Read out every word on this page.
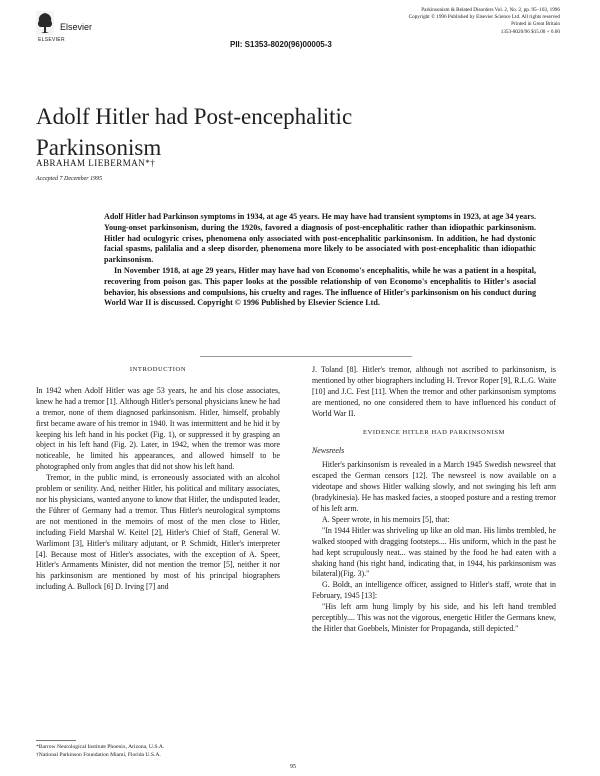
Elsevier
ELSEVIER
Parkinsonism & Related Disorders Vol. 2, No. 2, pp. 95–103, 1996
Copyright © 1996 Published by Elsevier Science Ltd. All rights reserved
Printed in Great Britain
1353-8020/96 $15.00 + 0.00
PII: S1353-8020(96)00005-3
Adolf Hitler had Post-encephalitic Parkinsonism
ABRAHAM LIEBERMAN*†
Accepted 7 December 1995

Adolf Hitler had Parkinson symptoms in 1934, at age 45 years. He may have had transient symptoms in 1923, at age 34 years. Young-onset parkinsonism, during the 1920s, favored a diagnosis of post-encephalitic rather than idiopathic parkinsonism. Hitler had oculogyric crises, phenomena only associated with post-encephalitic parkinsonism. In addition, he had dystonic facial spasms, palilalia and a sleep disorder, phenomena more likely to be associated with post-encephalitic than idiopathic parkinsonism.

In November 1918, at age 29 years, Hitler may have had von Economo's encephalitis, while he was a patient in a hospital, recovering from poison gas. This paper looks at the possible relationship of von Economo's encephalitis to Hitler's asocial behavior, his obsessions and compulsions, his cruelty and rages. The influence of Hitler's parkinsonism on his conduct during World War II is discussed. Copyright © 1996 Published by Elsevier Science Ltd.

INTRODUCTION

In 1942 when Adolf Hitler was age 53 years, he and his close associates, knew he had a tremor [1]. Although Hitler's personal physicians knew he had a tremor, none of them diagnosed parkinsonism. Hitler, himself, probably first became aware of his tremor in 1940. It was intermittent and he hid it by keeping his left hand in his pocket (Fig. 1), or suppressed it by grasping an object in his left hand (Fig. 2). Later, in 1942, when the tremor was more noticeable, he limited his appearances, and allowed himself to be photographed only from angles that did not show his left hand.

Tremor, in the public mind, is erroneously associated with an alcohol problem or senility. And, neither Hitler, his political and military associates, nor his physicians, wanted anyone to know that Hitler, the undisputed leader, the Führer of Germany had a tremor. Thus Hitler's neurological symptoms are not mentioned in the memoirs of most of the men close to Hitler, including Field Marshal W. Keitel [2], Hitler's Chief of Staff, General W. Warlimont [3], Hitler's military adjutant, or P. Schmidt, Hitler's interpreter [4]. Because most of Hitler's associates, with the exception of A. Speer, Hitler's Armaments Minister, did not mention the tremor [5], neither it nor his parkinsonism are mentioned by most of his principal biographers including A. Bullock [6] D. Irving [7] and

J. Toland [8]. Hitler's tremor, although not ascribed to parkinsonism, is mentioned by other biographers including H. Trevor Roper [9], R.L.G. Waite [10] and J.C. Fest [11]. When the tremor and other parkinsonism symptoms are mentioned, no one considered them to have influenced his conduct of World War II.

EVIDENCE HITLER HAD PARKINSONISM
Newsreels

Hitler's parkinsonism is revealed in a March 1945 Swedish newsreel that escaped the German censors [12]. The newsreel is now available on a videotape and shows Hitler walking slowly, and not swinging his left arm (bradykinesia). He has masked facies, a stooped posture and a resting tremor of his left arm.

A. Speer wrote, in his memoirs [5], that:

"In 1944 Hitler was shriveling up like an old man. His limbs trembled, he walked stooped with dragging footsteps.... His uniform, which in the past he had kept scrupulously neat... was stained by the food he had eaten with a shaking hand (his right hand, indicating that, in 1944, his parkinsonism was bilateral)(Fig. 3)."

G. Boldt, an intelligence officer, assigned to Hitler's staff, wrote that in February, 1945 [13]:

"His left arm hung limply by his side, and his left hand trembled perceptibly.... This was not the vigorous, energetic Hitler the Germans knew, the Hitler that Goebbels, Minister for Propaganda, still depicted."

*Barrow Neurological Institute Phoenix, Arizona, U.S.A.
†National Parkinson Foundation Miami, Florida U.S.A.
95
